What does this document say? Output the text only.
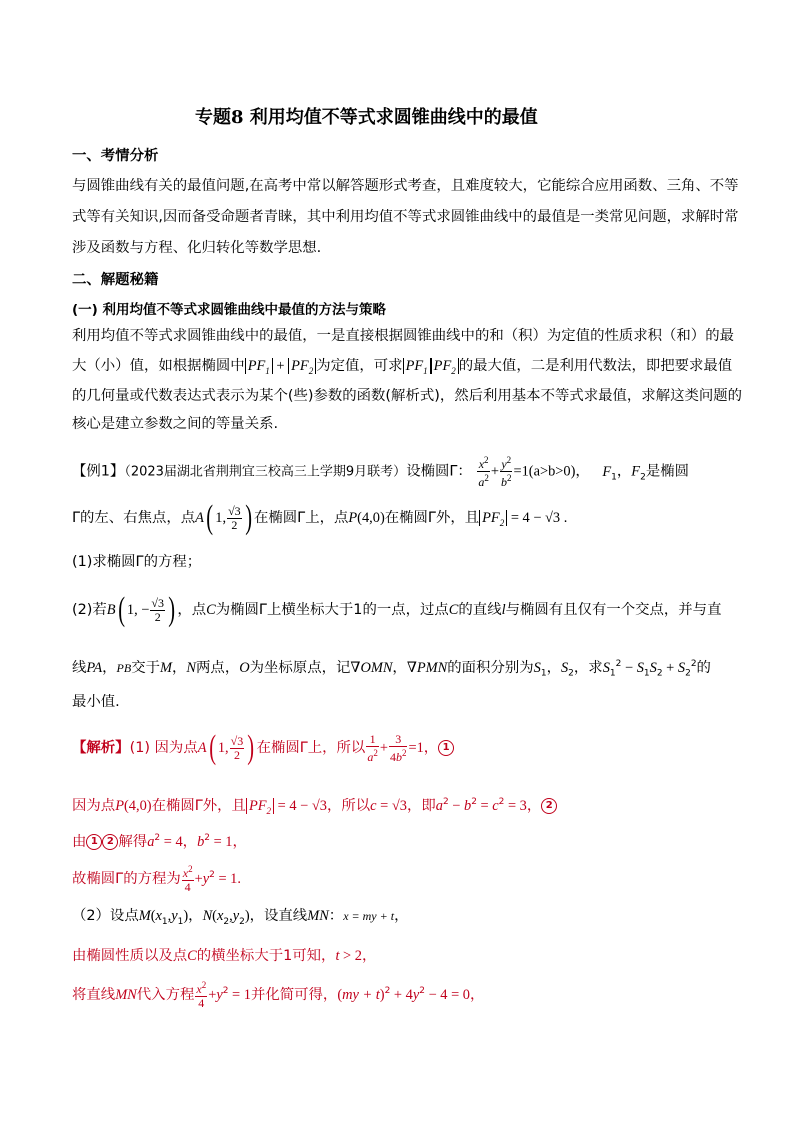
专题8 利用均值不等式求圆锥曲线中的最值
一、考情分析
与圆锥曲线有关的最值问题,在高考中常以解答题形式考查，且难度较大，它能综合应用函数、三角、不等
式等有关知识,因而备受命题者青睐，其中利用均值不等式求圆锥曲线中的最值是一类常见问题，求解时常
涉及函数与方程、化归转化等数学思想.
二、解题秘籍
(一) 利用均值不等式求圆锥曲线中最值的方法与策略
利用均值不等式求圆锥曲线中的最值，一是直接根据圆锥曲线中的和（积）为定值的性质求积（和）的最
大（小）值，如根据椭圆中 $PF_1 + PF_2$ 为定值，可求 $PF_1$ $PF_2$ 的最大值，二是利用代数法，即把要求最值
的几何量或代数表达式表示为某个(些)参数的函数(解析式)，然后利用基本不等式求最值，求解这类问题的
核心是建立参数之间的等量关系.
【例1】（2023届湖北省荆荆宜三校高三上学期9月联考）设椭圆Γ： $\frac{x^2}{a^2} + \frac{y^2}{b^2} =1(a>b>0)$， $F_1$，$F_2$是椭圆
Γ的左、右焦点，点A( 1, $\frac{√3}{2}$ ) 在椭圆Γ上，点P(4,0)在椭圆Γ外，且 $PF_2 = 4 - √3$ .
(1)求椭圆Γ的方程；
(2)若B( 1, − $\frac{√3}{2}$ ) ，点C为椭圆Γ上横坐标大于1的一点，过点C的直线l与椭圆有且仅有一个交点，并与直
线PA，PB交于M，N两点，O为坐标原点，记∇OMN，∇PMN的面积分别为$S_1$，$S_2$，求$S_1^2 - S_1S_2 + S_2^2$的
最小值.
【解析】(1) 因为点A( 1, $\frac{√3}{2}$ ) 在椭圆Γ上，所以 $\frac{1}{a^2} + \frac{3}{4b^2} =1$， 1
因为点P(4,0)在椭圆Γ外，且 $PF_2 = 4 - √3$，所以c = √3，即$a^2 - b^2 = c^2 = 3$， 2
由 1 2 解得$a^2 = 4$，$b^2 = 1$，
故椭圆Γ的方程为 $\frac{x^2}{4} +y^2 = 1$.
（2）设点$M(x_1,y_1)$，$N(x_2,y_2)$，设直线MN：x = my + t，
由椭圆性质以及点C的横坐标大于1可知，t > 2，
将直线MN代入方程 $\frac{x^2}{4} +y^2 = 1$并化简可得，$(my + t)^2 + 4y^2 - 4 = 0$，
